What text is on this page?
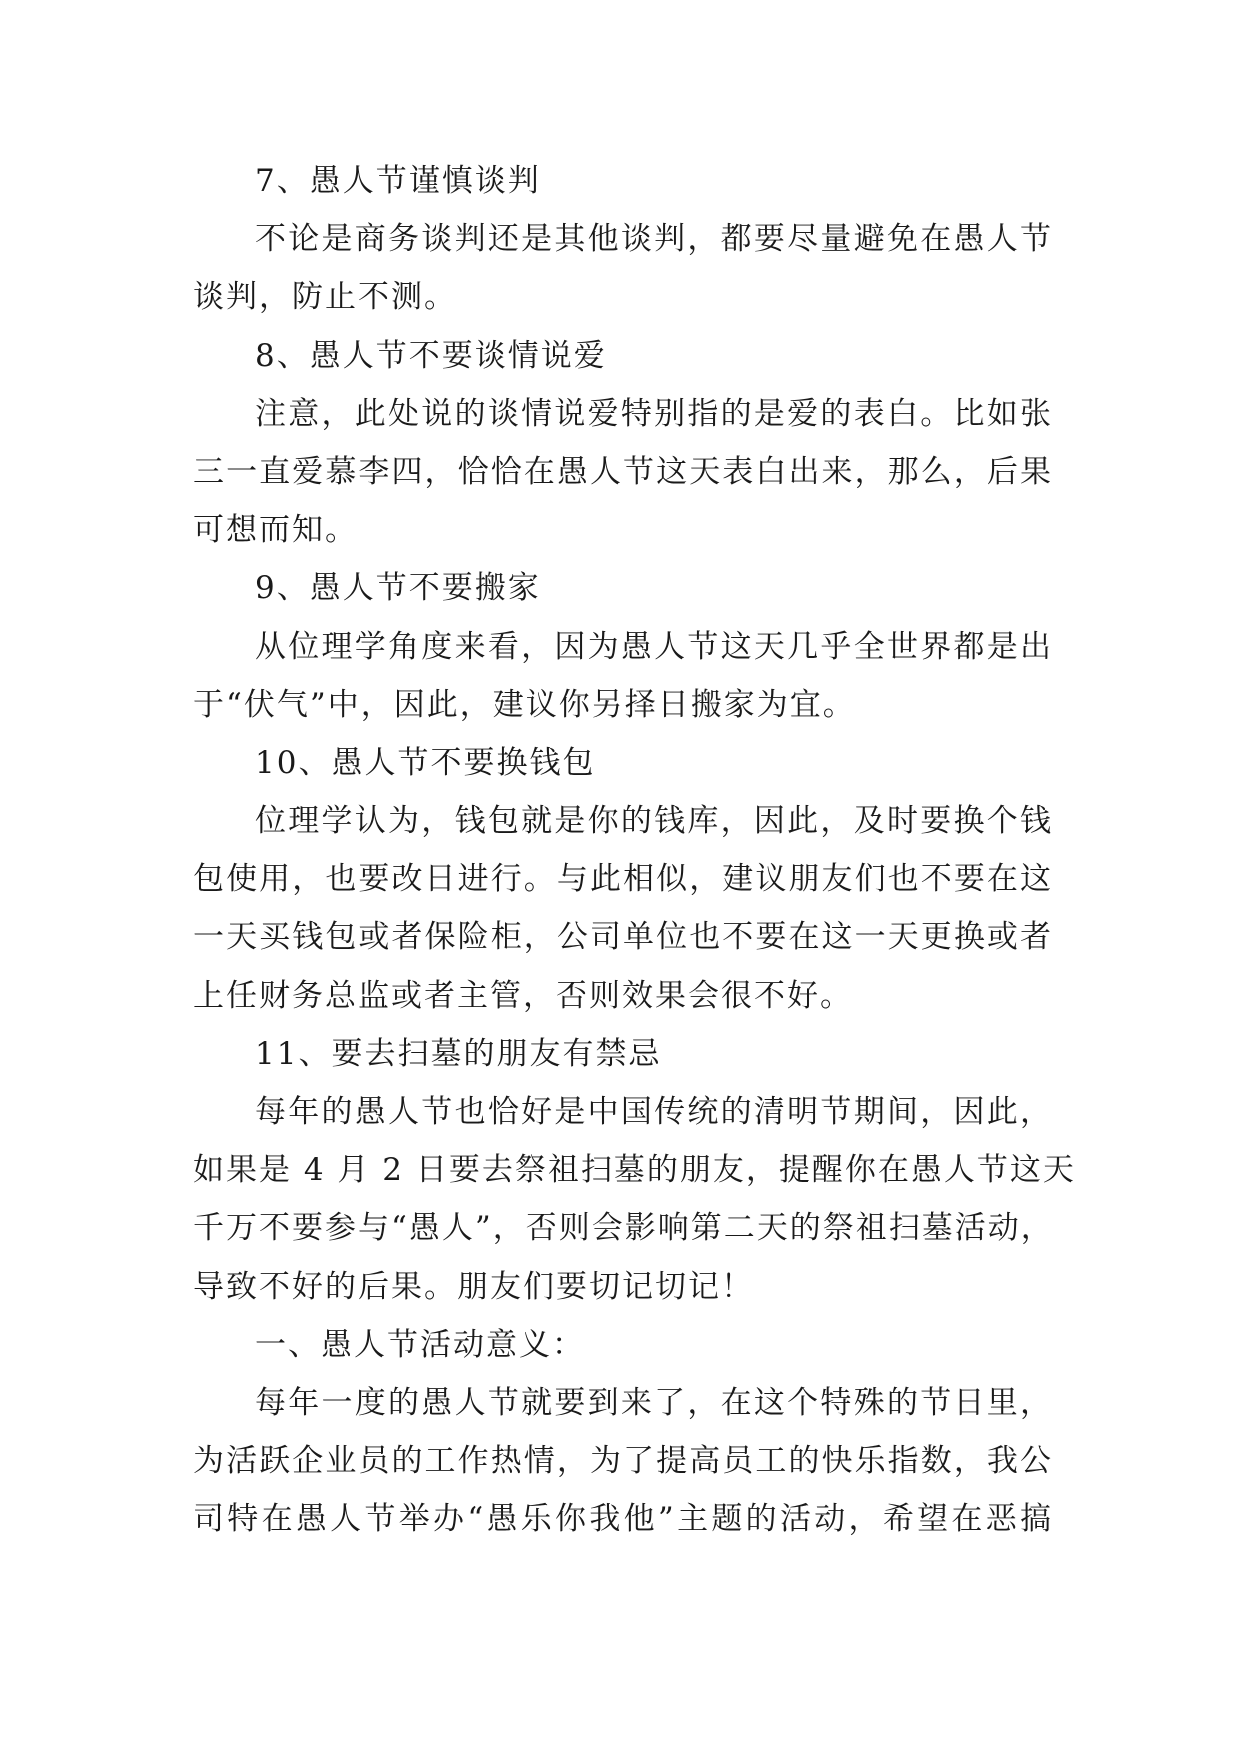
7、愚人节谨慎谈判
不论是商务谈判还是其他谈判，都要尽量避免在愚人节
谈判，防止不测。
8、愚人节不要谈情说爱
注意，此处说的谈情说爱特别指的是爱的表白。比如张
三一直爱慕李四，恰恰在愚人节这天表白出来，那么，后果
可想而知。
9、愚人节不要搬家
从位理学角度来看，因为愚人节这天几乎全世界都是出
于“伏气”中，因此，建议你另择日搬家为宜。
10、愚人节不要换钱包
位理学认为，钱包就是你的钱库，因此，及时要换个钱
包使用，也要改日进行。与此相似，建议朋友们也不要在这
一天买钱包或者保险柜，公司单位也不要在这一天更换或者
上任财务总监或者主管，否则效果会很不好。
11、要去扫墓的朋友有禁忌
每年的愚人节也恰好是中国传统的清明节期间，因此，
如果是 4 月 2 日要去祭祖扫墓的朋友，提醒你在愚人节这天
千万不要参与“愚人”，否则会影响第二天的祭祖扫墓活动，
导致不好的后果。朋友们要切记切记！
一、愚人节活动意义：
每年一度的愚人节就要到来了，在这个特殊的节日里，
为活跃企业员的工作热情，为了提高员工的快乐指数，我公
司特在愚人节举办“愚乐你我他”主题的活动，希望在恶搞
